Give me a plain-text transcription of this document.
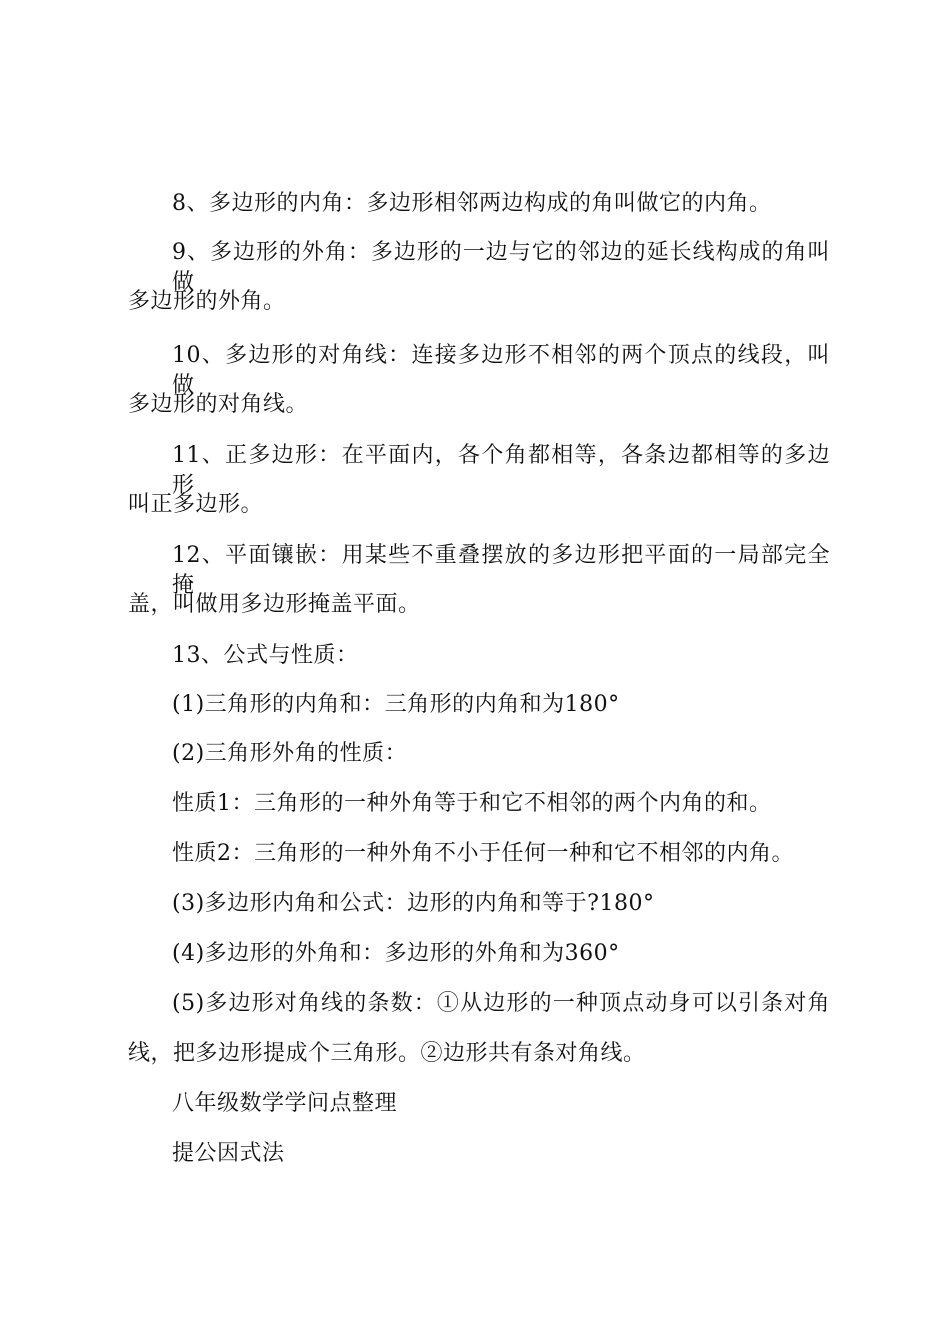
8、多边形的内角：多边形相邻两边构成的角叫做它的内角。
9、多边形的外角：多边形的一边与它的邻边的延长线构成的角叫做
多边形的外角。
10、多边形的对角线：连接多边形不相邻的两个顶点的线段，叫做
多边形的对角线。
11、正多边形：在平面内，各个角都相等，各条边都相等的多边形
叫正多边形。
12、平面镶嵌：用某些不重叠摆放的多边形把平面的一局部完全掩
盖，叫做用多边形掩盖平面。
13、公式与性质：
(1)三角形的内角和：三角形的内角和为180°
(2)三角形外角的性质：
性质1：三角形的一种外角等于和它不相邻的两个内角的和。
性质2：三角形的一种外角不小于任何一种和它不相邻的内角。
(3)多边形内角和公式：边形的内角和等于?180°
(4)多边形的外角和：多边形的外角和为360°
(5)多边形对角线的条数：①从边形的一种顶点动身可以引条对角
线，把多边形提成个三角形。②边形共有条对角线。
八年级数学学问点整理
提公因式法
